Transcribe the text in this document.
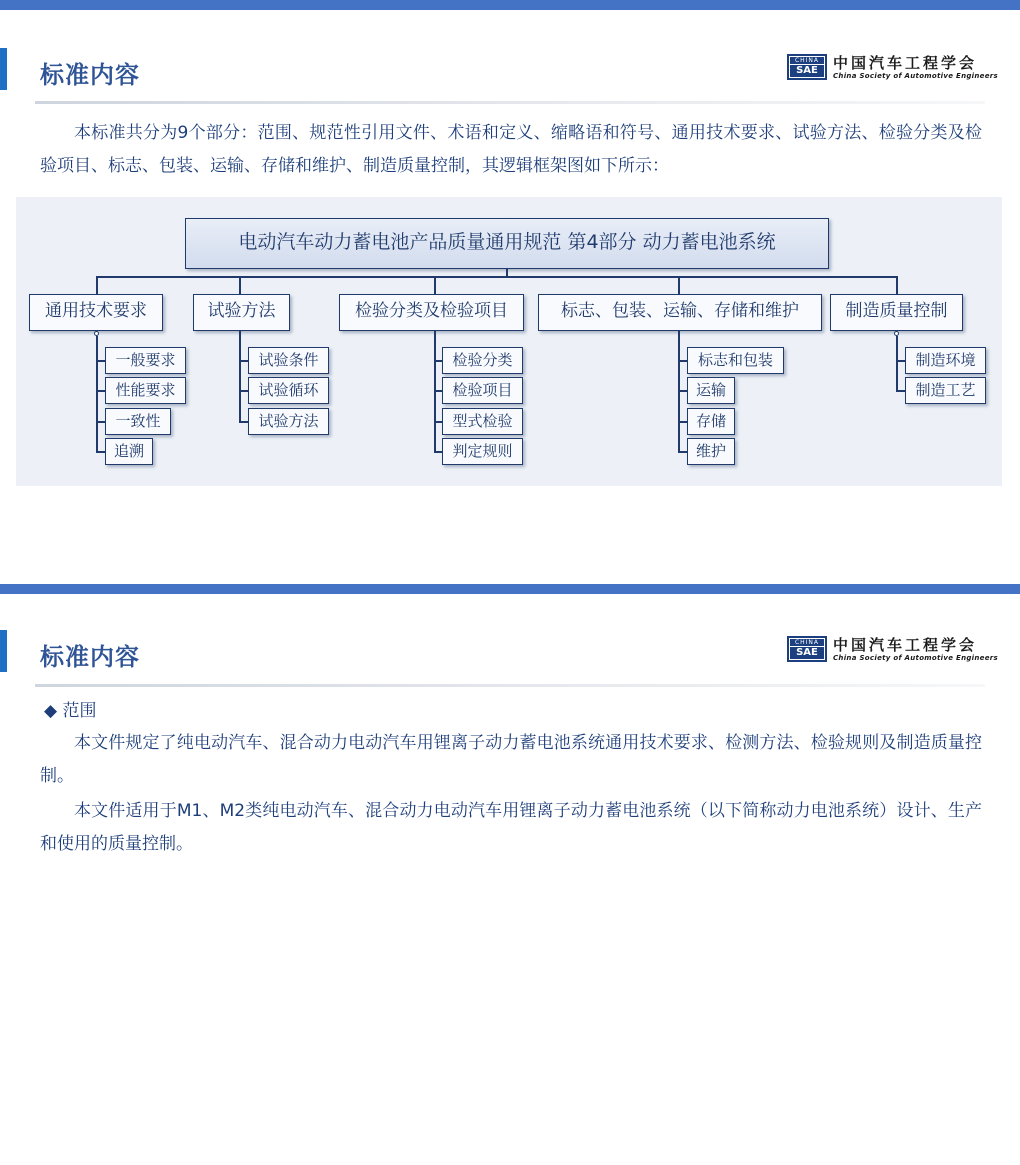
标准内容
CHINA
SAE	中国汽车工程学会
China Society of Automotive Engineers
本标准共分为9个部分：范围、规范性引用文件、术语和定义、缩略语和符号、通用技术要求、试验方法、检验分类及检验项目、标志、包装、运输、存储和维护、制造质量控制，其逻辑框架图如下所示：
电动汽车动力蓄电池产品质量通用规范 第4部分 动力蓄电池系统
通用技术要求	试验方法	检验分类及检验项目	标志、包装、运输、存储和维护	制造质量控制
一般要求
性能要求
一致性
追溯
试验条件
试验循环
试验方法
检验分类
检验项目
型式检验
判定规则
标志和包装
运输
存储
维护
制造环境
制造工艺
标准内容
CHINA
SAE	中国汽车工程学会
China Society of Automotive Engineers
◆ 范围
本文件规定了纯电动汽车、混合动力电动汽车用锂离子动力蓄电池系统通用技术要求、检测方法、检验规则及制造质量控制。
本文件适用于M1、M2类纯电动汽车、混合动力电动汽车用锂离子动力蓄电池系统（以下简称动力电池系统）设计、生产和使用的质量控制。
